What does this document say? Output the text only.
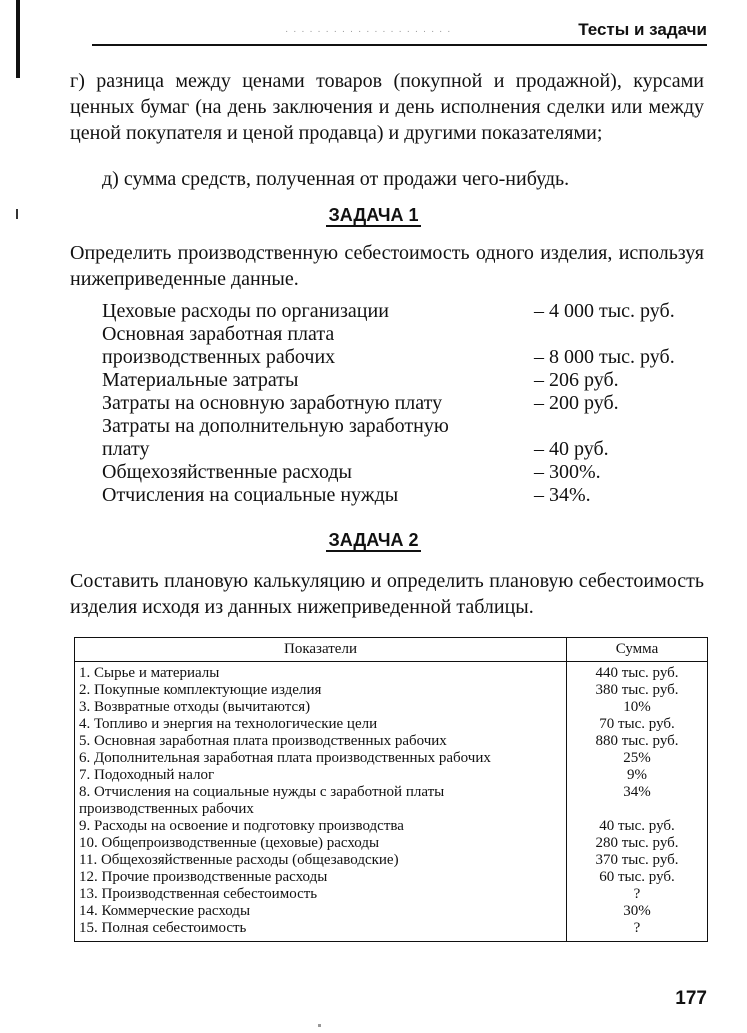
· · · · · · · · · · · · · · · · · · · · ·	Тесты и задачи

г) разница между ценами товаров (покупной и продажной), курсами ценных бумаг (на день заключения и день исполнения сделки или между ценой покупателя и ценой продавца) и другими показателями;

д) сумма средств, полученная от продажи чего-нибудь.

ЗАДАЧА 1

Определить производственную себестоимость одного изделия, используя нижеприведенные данные.

Цеховые расходы по организации	– 4 000 тыс. руб.
Основная заработная плата
производственных рабочих	– 8 000 тыс. руб.
Материальные затраты	– 206 руб.
Затраты на основную заработную плату	– 200 руб.
Затраты на дополнительную заработную
плату	– 40 руб.
Общехозяйственные расходы	– 300%.
Отчисления на социальные нужды	– 34%.
ЗАДАЧА 2

Составить плановую калькуляцию и определить плановую себестоимость изделия исходя из данных нижеприведенной таблицы.

Показатели	Сумма
1. Сырье и материалы	440 тыс. руб.
2. Покупные комплектующие изделия	380 тыс. руб.
3. Возвратные отходы (вычитаются)	10%
4. Топливо и энергия на технологические цели	70 тыс. руб.
5. Основная заработная плата производственных рабочих	880 тыс. руб.
6. Дополнительная заработная плата производственных рабочих	25%
7. Подоходный налог	9%
8. Отчисления на социальные нужды с заработной платы производственных рабочих	34%
9. Расходы на освоение и подготовку производства	40 тыс. руб.
10. Общепроизводственные (цеховые) расходы	280 тыс. руб.
11. Общехозяйственные расходы (общезаводские)	370 тыс. руб.
12. Прочие производственные расходы	60 тыс. руб.
13. Производственная себестоимость	?
14. Коммерческие расходы	30%
15. Полная себестоимость	?
177
